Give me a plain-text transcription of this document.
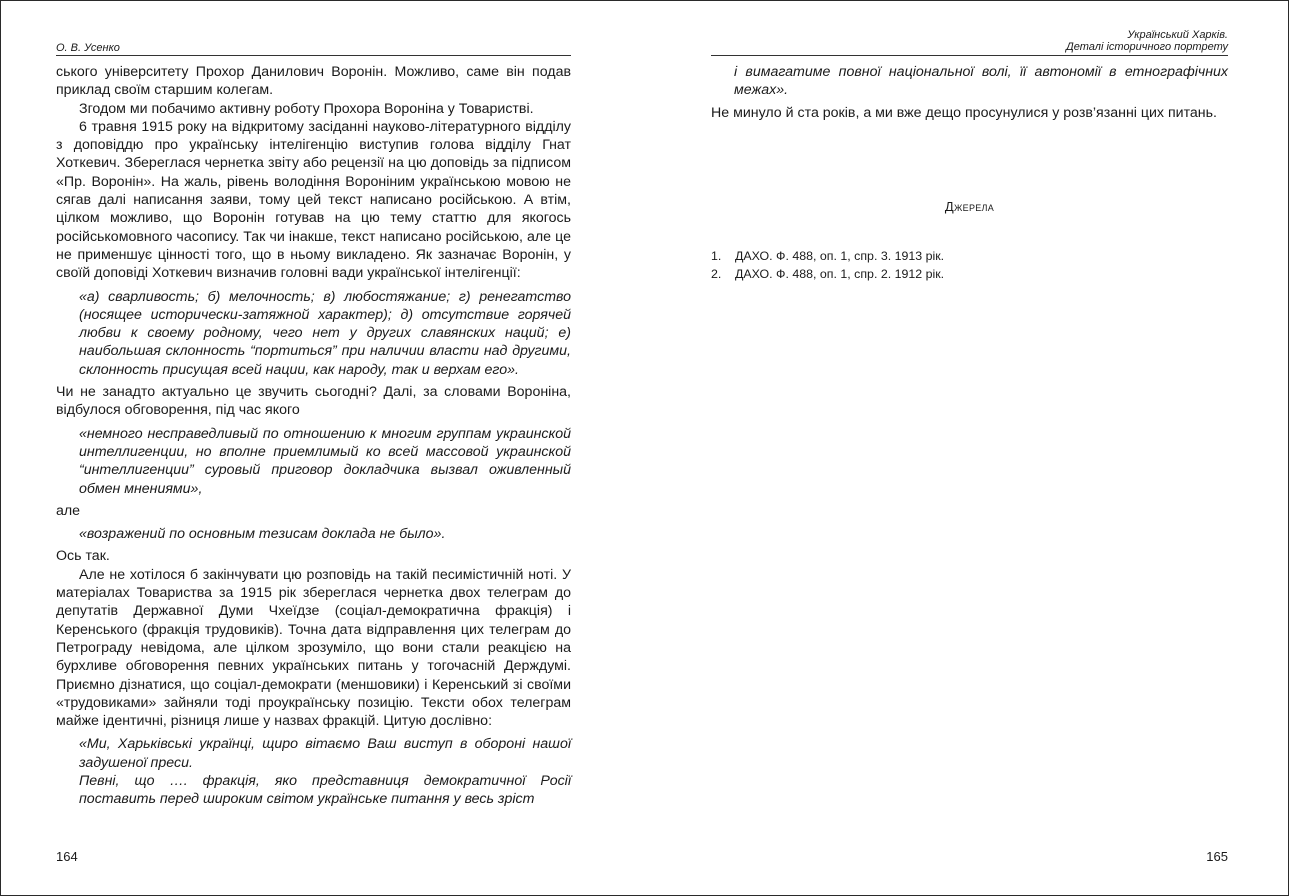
О. В. Усенко

ського університету Прохор Данилович Воронін. Можливо, саме він подав приклад своїм старшим колегам.

Згодом ми побачимо активну роботу Прохора Вороніна у Товаристві.

6 травня 1915 року на відкритому засіданні науково-літературного відділу з доповіддю про українську інтелігенцію виступив голова відділу Гнат Хоткевич. Збереглася чернетка звіту або рецензії на цю доповідь за підписом «Пр. Воронін». На жаль, рівень володіння Вороніним українською мовою не сягав далі написання заяви, тому цей текст написано російською. А втім, цілком можливо, що Воронін готував на цю тему статтю для якогось російськомовного часопису. Так чи інакше, текст написано російською, але це не применшує цінності того, що в ньому викладено. Як зазначає Воронін, у своїй доповіді Хоткевич визначив головні вади української інтелігенції:

«а) сварливость; б) мелочность; в) любостяжание; г) ренегатство (носящее исторически-затяжной характер); д) отсутствие горячей любви к своему родному, чего нет у других славянских наций; е) наибольшая склонность “портиться” при наличии власти над другими, склонность присущая всей нации, как народу, так и верхам его».

Чи не занадто актуально це звучить сьогодні? Далі, за словами Вороніна, відбулося обговорення, під час якого

«немного несправедливый по отношению к многим группам украинской интеллигенции, но вполне приемлимый ко всей массовой украинской “интеллигенции” суровый приговор докладчика вызвал оживленный обмен мнениями»,

але

«возражений по основным тезисам доклада не было».

Ось так.

Але не хотілося б закінчувати цю розповідь на такій песимістичній ноті. У матеріалах Товариства за 1915 рік збереглася чернетка двох телеграм до депутатів Державної Думи Чхеїдзе (соціал-демократична фракція) і Керенського (фракція трудовиків). Точна дата відправлення цих телеграм до Петрограду невідома, але цілком зрозуміло, що вони стали реакцією на бурхливе обговорення певних українських питань у тогочасній Держдумі. Приємно дізнатися, що соціал-демократи (меншовики) і Керенський зі своїми «трудовиками» зайняли тоді проукраїнську позицію. Тексти обох телеграм майже ідентичні, різниця лише у назвах фракцій. Цитую дослівно:

«Ми, Харьківські українці, щиро вітаємо Ваш виступ в обороні нашої задушеної преси.

Певні, що …. фракція, яко представниця демократичної Росії поставить перед широким світом українське питання у весь зріст

164
Український Харків.
Деталі історичного портрету

і вимагатиме повної національної волі, її автономії в етнографічних межах».

Не минуло й ста років, а ми вже дещо просунулися у розв’язанні цих питань.

Джерела
1.	ДАХО. Ф. 488, оп. 1, спр. 3. 1913 рік.
2.	ДАХО. Ф. 488, оп. 1, спр. 2. 1912 рік.
165
